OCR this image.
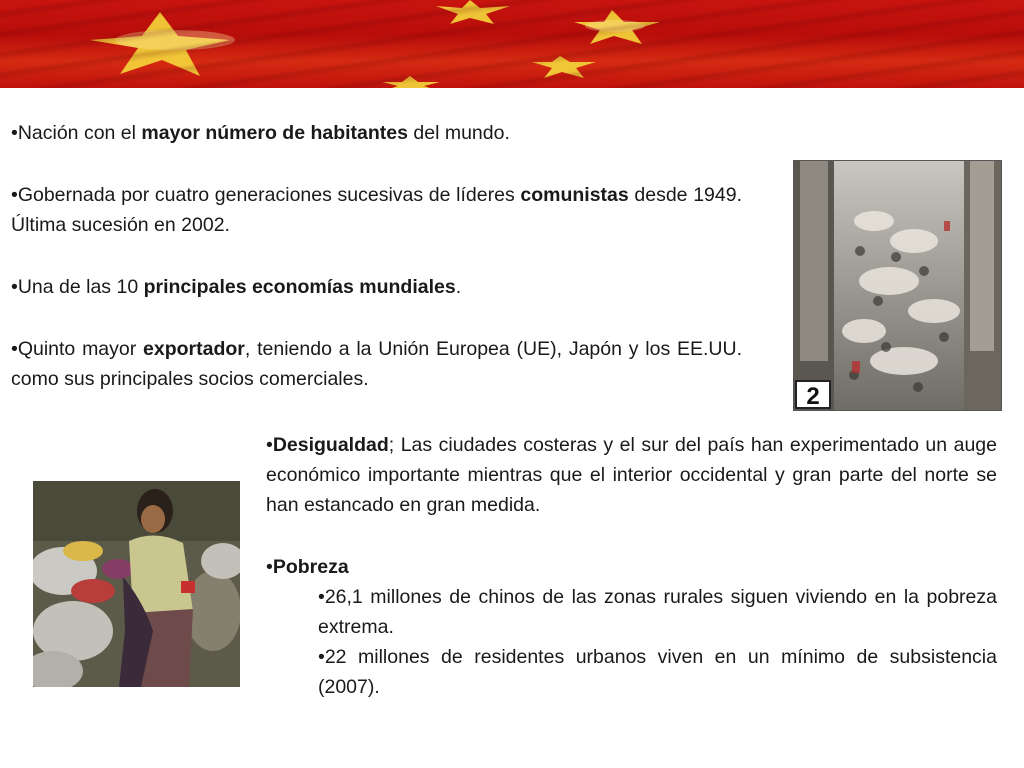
•Nación con el mayor número de habitantes del mundo.

•Gobernada por cuatro generaciones sucesivas de líderes comunistas desde 1949. Última sucesión en 2002.

•Una de las 10 principales economías mundiales.

•Quinto mayor exportador, teniendo a la Unión Europea (UE), Japón y los EE.UU. como sus principales socios comerciales.

2

•Desigualdad; Las ciudades costeras y el sur del país han experimentado un auge económico importante mientras que el interior occidental y gran parte del norte se han estancado en gran medida.

•Pobreza

•26,1 millones de chinos de las zonas rurales siguen viviendo en la pobreza extrema.

•22 millones de residentes urbanos viven en un mínimo de subsistencia (2007).
